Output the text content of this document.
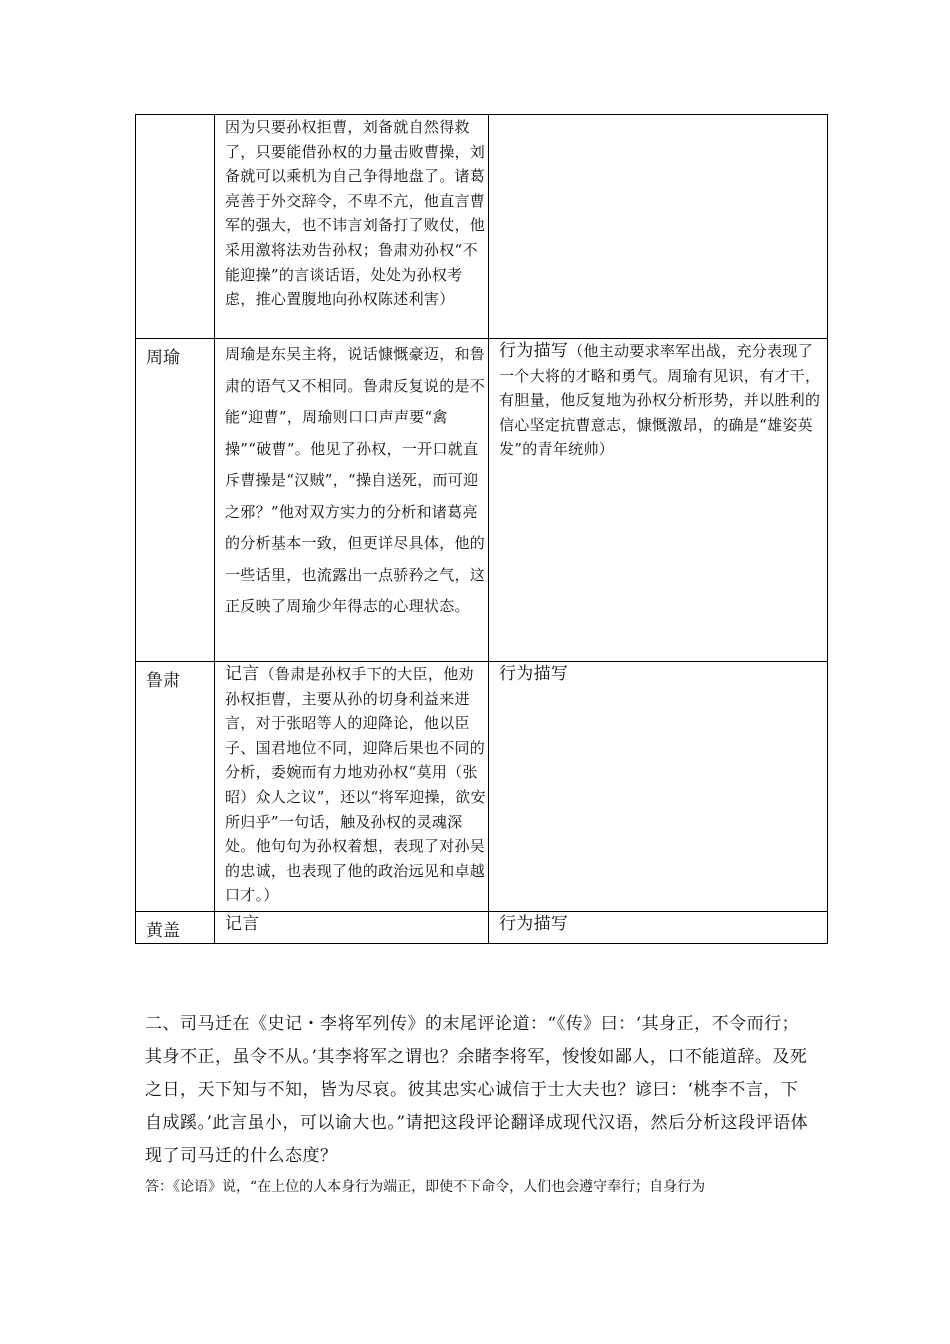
	因为只要孙权拒曹，刘备就自然得救了，只要能借孙权的力量击败曹操，刘备就可以乘机为自己争得地盘了。诸葛亮善于外交辞令，不卑不亢，他直言曹军的强大，也不讳言刘备打了败仗，他采用激将法劝告孙权；鲁肃劝孙权“不能迎操”的言谈话语，处处为孙权考虑，推心置腹地向孙权陈述利害）	
周瑜	周瑜是东吴主将，说话慷慨豪迈，和鲁肃的语气又不相同。鲁肃反复说的是不能“迎曹”，周瑜则口口声声要“禽操”“破曹”。他见了孙权，一开口就直斥曹操是“汉贼”，“操自送死，而可迎之邪？”他对双方实力的分析和诸葛亮的分析基本一致，但更详尽具体，他的一些话里，也流露出一点骄矜之气，这正反映了周瑜少年得志的心理状态。	行为描写（他主动要求率军出战，充分表现了一个大将的才略和勇气。周瑜有见识，有才干，有胆量，他反复地为孙权分析形势，并以胜利的信心坚定抗曹意志，慷慨激昂，的确是“雄姿英发”的青年统帅）
鲁肃	记言（鲁肃是孙权手下的大臣，他劝孙权拒曹，主要从孙的切身利益来进言，对于张昭等人的迎降论，他以臣子、国君地位不同，迎降后果也不同的分析，委婉而有力地劝孙权“莫用（张昭）众人之议”，还以“将军迎操，欲安所归乎”一句话，触及孙权的灵魂深处。他句句为孙权着想，表现了对孙吴的忠诚，也表现了他的政治远见和卓越口才。）	行为描写
黄盖	记言	行为描写
二、司马迁在《史记・李将军列传》的末尾评论道：“《传》曰：‘其身正，不令而行；其身不正，虽令不从。’其李将军之谓也？余睹李将军，悛悛如鄙人，口不能道辞。及死之日，天下知与不知，皆为尽哀。彼其忠实心诚信于士大夫也？谚曰：‘桃李不言，下自成蹊。’此言虽小，可以谕大也。”请把这段评论翻译成现代汉语，然后分析这段评语体现了司马迁的什么态度？
答：《论语》说，“在上位的人本身行为端正，即使不下命令，人们也会遵守奉行；自身行为
